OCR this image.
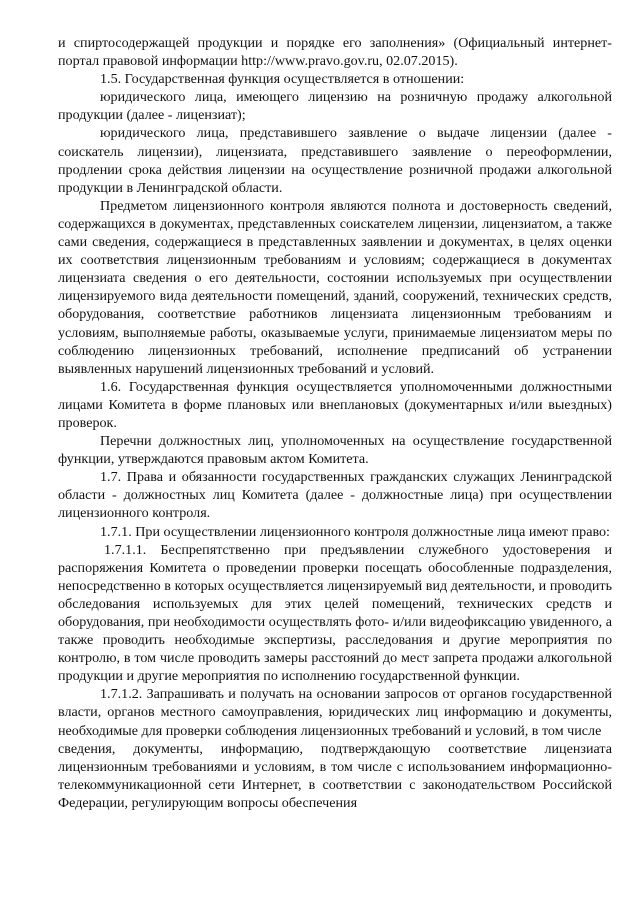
и спиртосодержащей продукции и порядке его заполнения» (Официальный интернет-портал правовой информации http://www.pravo.gov.ru, 02.07.2015).

1.5. Государственная функция осуществляется в отношении:

юридического лица, имеющего лицензию на розничную продажу алкогольной продукции (далее - лицензиат);

юридического лица, представившего заявление о выдаче лицензии (далее - соискатель лицензии), лицензиата, представившего заявление о переоформлении, продлении срока действия лицензии на осуществление розничной продажи алкогольной продукции в Ленинградской области.

Предметом лицензионного контроля являются полнота и достоверность сведений, содержащихся в документах, представленных соискателем лицензии, лицензиатом, а также сами сведения, содержащиеся в представленных заявлении и документах, в целях оценки их соответствия лицензионным требованиям и условиям; содержащиеся в документах лицензиата сведения о его деятельности, состоянии используемых при осуществлении лицензируемого вида деятельности помещений, зданий, сооружений, технических средств, оборудования, соответствие работников лицензиата лицензионным требованиям и условиям, выполняемые работы, оказываемые услуги, принимаемые лицензиатом меры по соблюдению лицензионных требований, исполнение предписаний об устранении выявленных нарушений лицензионных требований и условий.

1.6. Государственная функция осуществляется уполномоченными должностными лицами Комитета в форме плановых или внеплановых (документарных и/или выездных) проверок.

Перечни должностных лиц, уполномоченных на осуществление государственной функции, утверждаются правовым актом Комитета.

1.7. Права и обязанности государственных гражданских служащих Ленинградской области - должностных лиц Комитета (далее - должностные лица) при осуществлении лицензионного контроля.

1.7.1. При осуществлении лицензионного контроля должностные лица имеют право:

1.7.1.1. Беспрепятственно при предъявлении служебного удостоверения и распоряжения Комитета о проведении проверки посещать обособленные подразделения, непосредственно в которых осуществляется лицензируемый вид деятельности, и проводить обследования используемых для этих целей помещений, технических средств и оборудования, при необходимости осуществлять фото- и/или видеофиксацию увиденного, а также проводить необходимые экспертизы, расследования и другие мероприятия по контролю, в том числе проводить замеры расстояний до мест запрета продажи алкогольной продукции и другие мероприятия по исполнению государственной функции.

1.7.1.2. Запрашивать и получать на основании запросов от органов государственной власти, органов местного самоуправления, юридических лиц информацию и документы, необходимые для проверки соблюдения лицензионных требований и условий, в том числе

сведения, документы, информацию, подтверждающую соответствие лицензиата лицензионным требованиями и условиям, в том числе с использованием информационно-телекоммуникационной сети Интернет, в соответствии с законодательством Российской Федерации, регулирующим вопросы обеспечения
